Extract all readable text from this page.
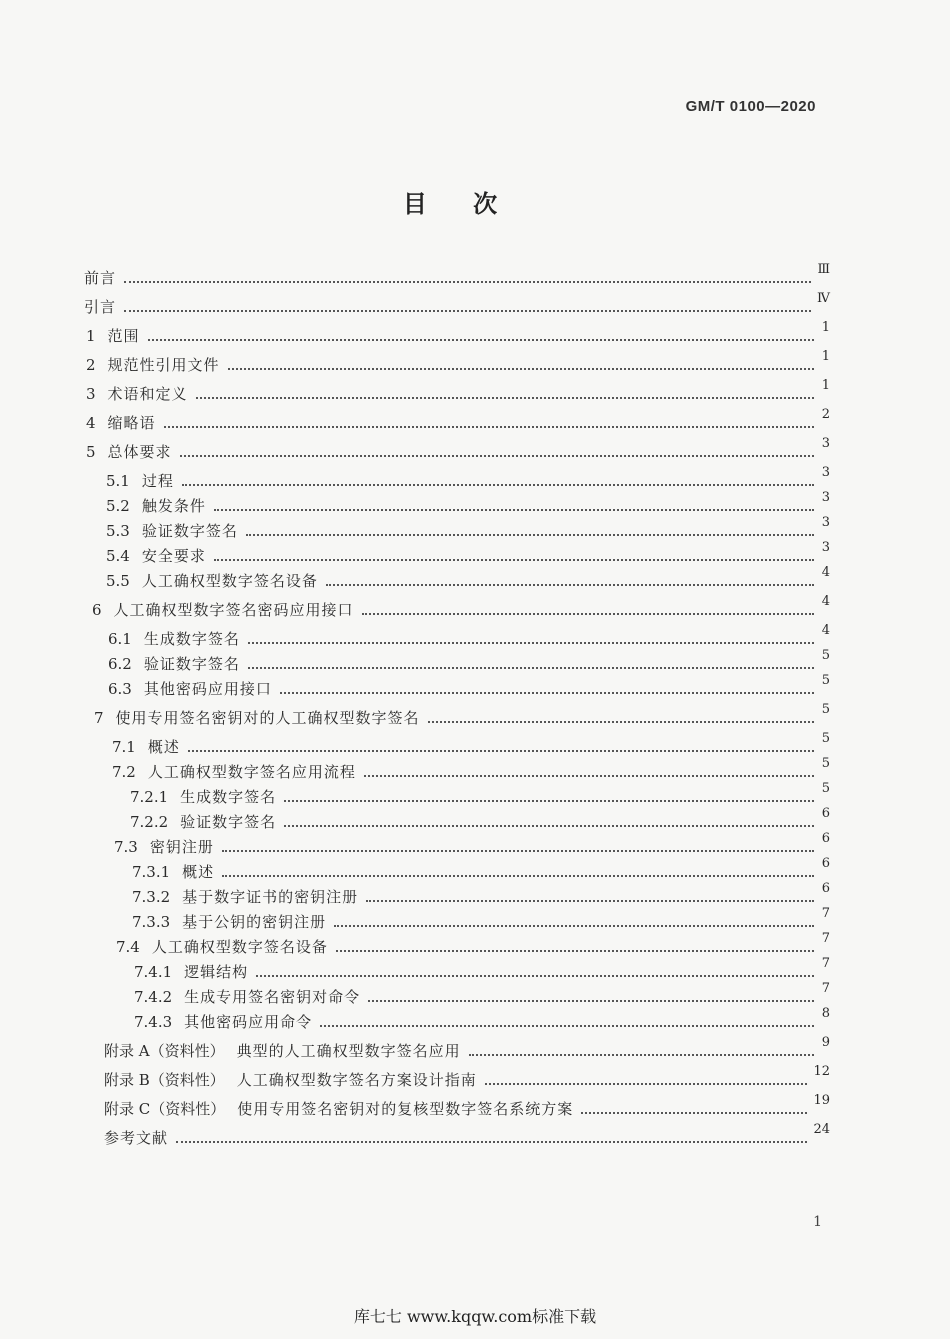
GM/T 0100—2020
目 次
前言	Ⅲ
引言	Ⅳ
1 范围	1
2 规范性引用文件	1
3 术语和定义	1
4 缩略语	2
5 总体要求	3
5.1 过程	3
5.2 触发条件	3
5.3 验证数字签名	3
5.4 安全要求	3
5.5 人工确权型数字签名设备	4
6 人工确权型数字签名密码应用接口	4
6.1 生成数字签名	4
6.2 验证数字签名	5
6.3 其他密码应用接口	5
7 使用专用签名密钥对的人工确权型数字签名	5
7.1 概述	5
7.2 人工确权型数字签名应用流程	5
7.2.1 生成数字签名	5
7.2.2 验证数字签名	6
7.3 密钥注册	6
7.3.1 概述	6
7.3.2 基于数字证书的密钥注册	6
7.3.3 基于公钥的密钥注册	7
7.4 人工确权型数字签名设备	7
7.4.1 逻辑结构	7
7.4.2 生成专用签名密钥对命令	7
7.4.3 其他密码应用命令	8
附录 A（资料性） 典型的人工确权型数字签名应用	9
附录 B（资料性） 人工确权型数字签名方案设计指南	12
附录 C（资料性） 使用专用签名密钥对的复核型数字签名系统方案	19
参考文献	24
1
库七七 www.kqqw.com标准下载
